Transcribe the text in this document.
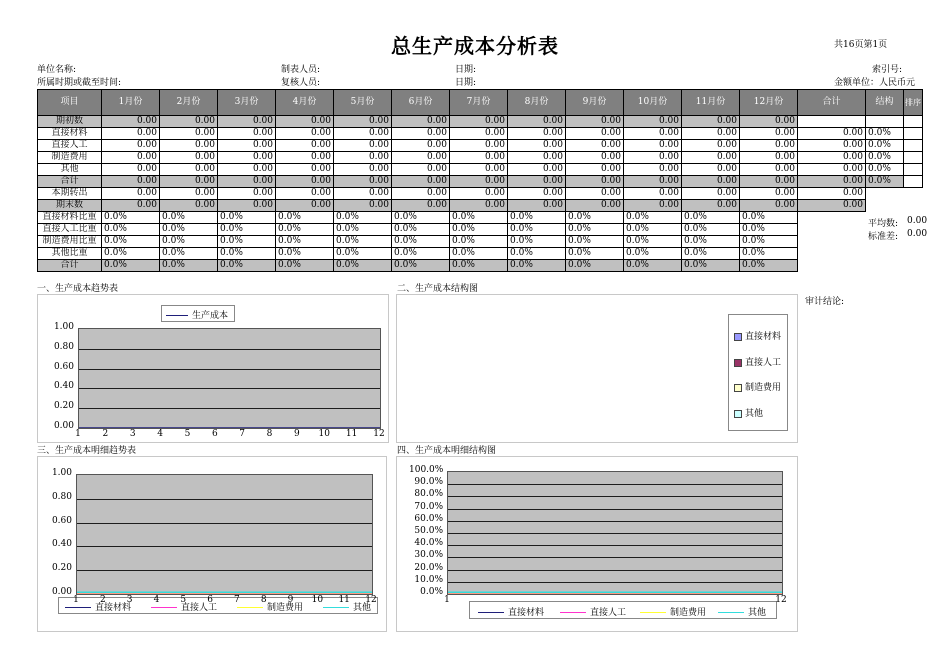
总生产成本分析表	共16页第1页
单位名称:
所属时期或截至时间:
制表人员:
复核人员:
日期:
日期:
索引号:
金额单位：人民币元
项目	1月份	2月份	3月份	4月份	5月份	6月份	7月份	8月份	9月份	10月份	11月份	12月份	合计	结构	排序
期初数	0.00	0.00	0.00	0.00	0.00	0.00	0.00	0.00	0.00	0.00	0.00	0.00			
直接材料	0.00	0.00	0.00	0.00	0.00	0.00	0.00	0.00	0.00	0.00	0.00	0.00	0.00	0.0%	
直接人工	0.00	0.00	0.00	0.00	0.00	0.00	0.00	0.00	0.00	0.00	0.00	0.00	0.00	0.0%	
制造费用	0.00	0.00	0.00	0.00	0.00	0.00	0.00	0.00	0.00	0.00	0.00	0.00	0.00	0.0%	
其他	0.00	0.00	0.00	0.00	0.00	0.00	0.00	0.00	0.00	0.00	0.00	0.00	0.00	0.0%	
合计	0.00	0.00	0.00	0.00	0.00	0.00	0.00	0.00	0.00	0.00	0.00	0.00	0.00	0.0%	
本期转出	0.00	0.00	0.00	0.00	0.00	0.00	0.00	0.00	0.00	0.00	0.00	0.00	0.00		
期末数	0.00	0.00	0.00	0.00	0.00	0.00	0.00	0.00	0.00	0.00	0.00	0.00	0.00		
直接材料比重	0.0%	0.0%	0.0%	0.0%	0.0%	0.0%	0.0%	0.0%	0.0%	0.0%	0.0%	0.0%			
直接人工比重	0.0%	0.0%	0.0%	0.0%	0.0%	0.0%	0.0%	0.0%	0.0%	0.0%	0.0%	0.0%			
制造费用比重	0.0%	0.0%	0.0%	0.0%	0.0%	0.0%	0.0%	0.0%	0.0%	0.0%	0.0%	0.0%			
其他比重	0.0%	0.0%	0.0%	0.0%	0.0%	0.0%	0.0%	0.0%	0.0%	0.0%	0.0%	0.0%			
合计	0.0%	0.0%	0.0%	0.0%	0.0%	0.0%	0.0%	0.0%	0.0%	0.0%	0.0%	0.0%			
平均数: 0.00
标准差: 0.00
一、生产成本趋势表	二、生产成本结构图
三、生产成本明细趋势表	四、生产成本明细结构图
审计结论:
生产成本
0.00
0.20
0.40
0.60
0.80
1.00
1	2	3	4	5	6	7	8	9	10 11 12
直接材料
直接人工
制造费用
其他
直接材料	直接人工	制造费用	其他
0.00
0.20
0.40
0.60
0.80
1.00
1	2	3	4	5	6	7	8	9	10 11 12
直接材料	直接人工	制造费用	其他
0.0%
10.0%
20.0%
30.0%
40.0%
50.0%
60.0%
70.0%
80.0%
90.0%
100.0%
1	12
